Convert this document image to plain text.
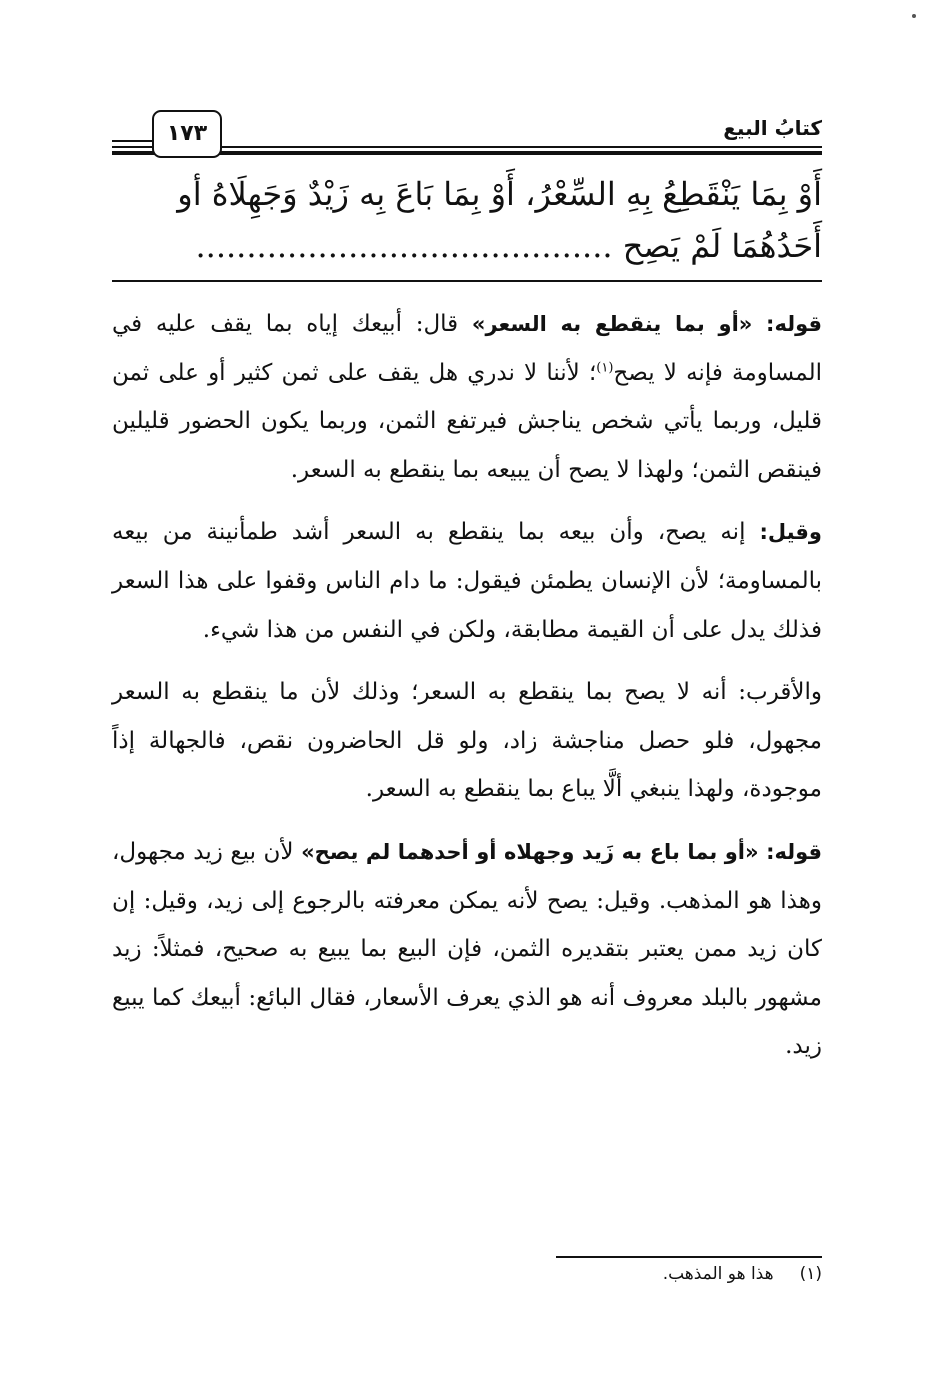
كتابُ البيع
١٧٣
أَوْ بِمَا يَنْقَطِعُ بِهِ السِّعْرُ، أَوْ بِمَا بَاعَ بِه زَيْدٌ وَجَهِلَاهُ أو
أَحَدُهُمَا لَمْ يَصِح .........................................

قوله: «أو بما ينقطع به السعر» قال: أبيعك إياه بما يقف عليه في المساومة فإنه لا يصح$^{(١)}$؛ لأننا لا ندري هل يقف على ثمن كثير أو على ثمن قليل، وربما يأتي شخص يناجش فيرتفع الثمن، وربما يكون الحضور قليلين فينقص الثمن؛ ولهذا لا يصح أن يبيعه بما ينقطع به السعر.

وقيل: إنه يصح، وأن بيعه بما ينقطع به السعر أشد طمأنينة من بيعه بالمساومة؛ لأن الإنسان يطمئن فيقول: ما دام الناس وقفوا على هذا السعر فذلك يدل على أن القيمة مطابقة، ولكن في النفس من هذا شيء.

والأقرب: أنه لا يصح بما ينقطع به السعر؛ وذلك لأن ما ينقطع به السعر مجهول، فلو حصل مناجشة زاد، ولو قل الحاضرون نقص، فالجهالة إذاً موجودة، ولهذا ينبغي ألَّا يباع بما ينقطع به السعر.

قوله: «أو بما باع به زَيد وجهلاه أو أحدهما لم يصح» لأن بيع زيد مجهول، وهذا هو المذهب. وقيل: يصح لأنه يمكن معرفته بالرجوع إلى زيد، وقيل: إن كان زيد ممن يعتبر بتقديره الثمن، فإن البيع بما يبيع به صحيح، فمثلاً: زيد مشهور بالبلد معروف أنه هو الذي يعرف الأسعار، فقال البائع: أبيعك كما يبيع زيد.

(١)هذا هو المذهب.
